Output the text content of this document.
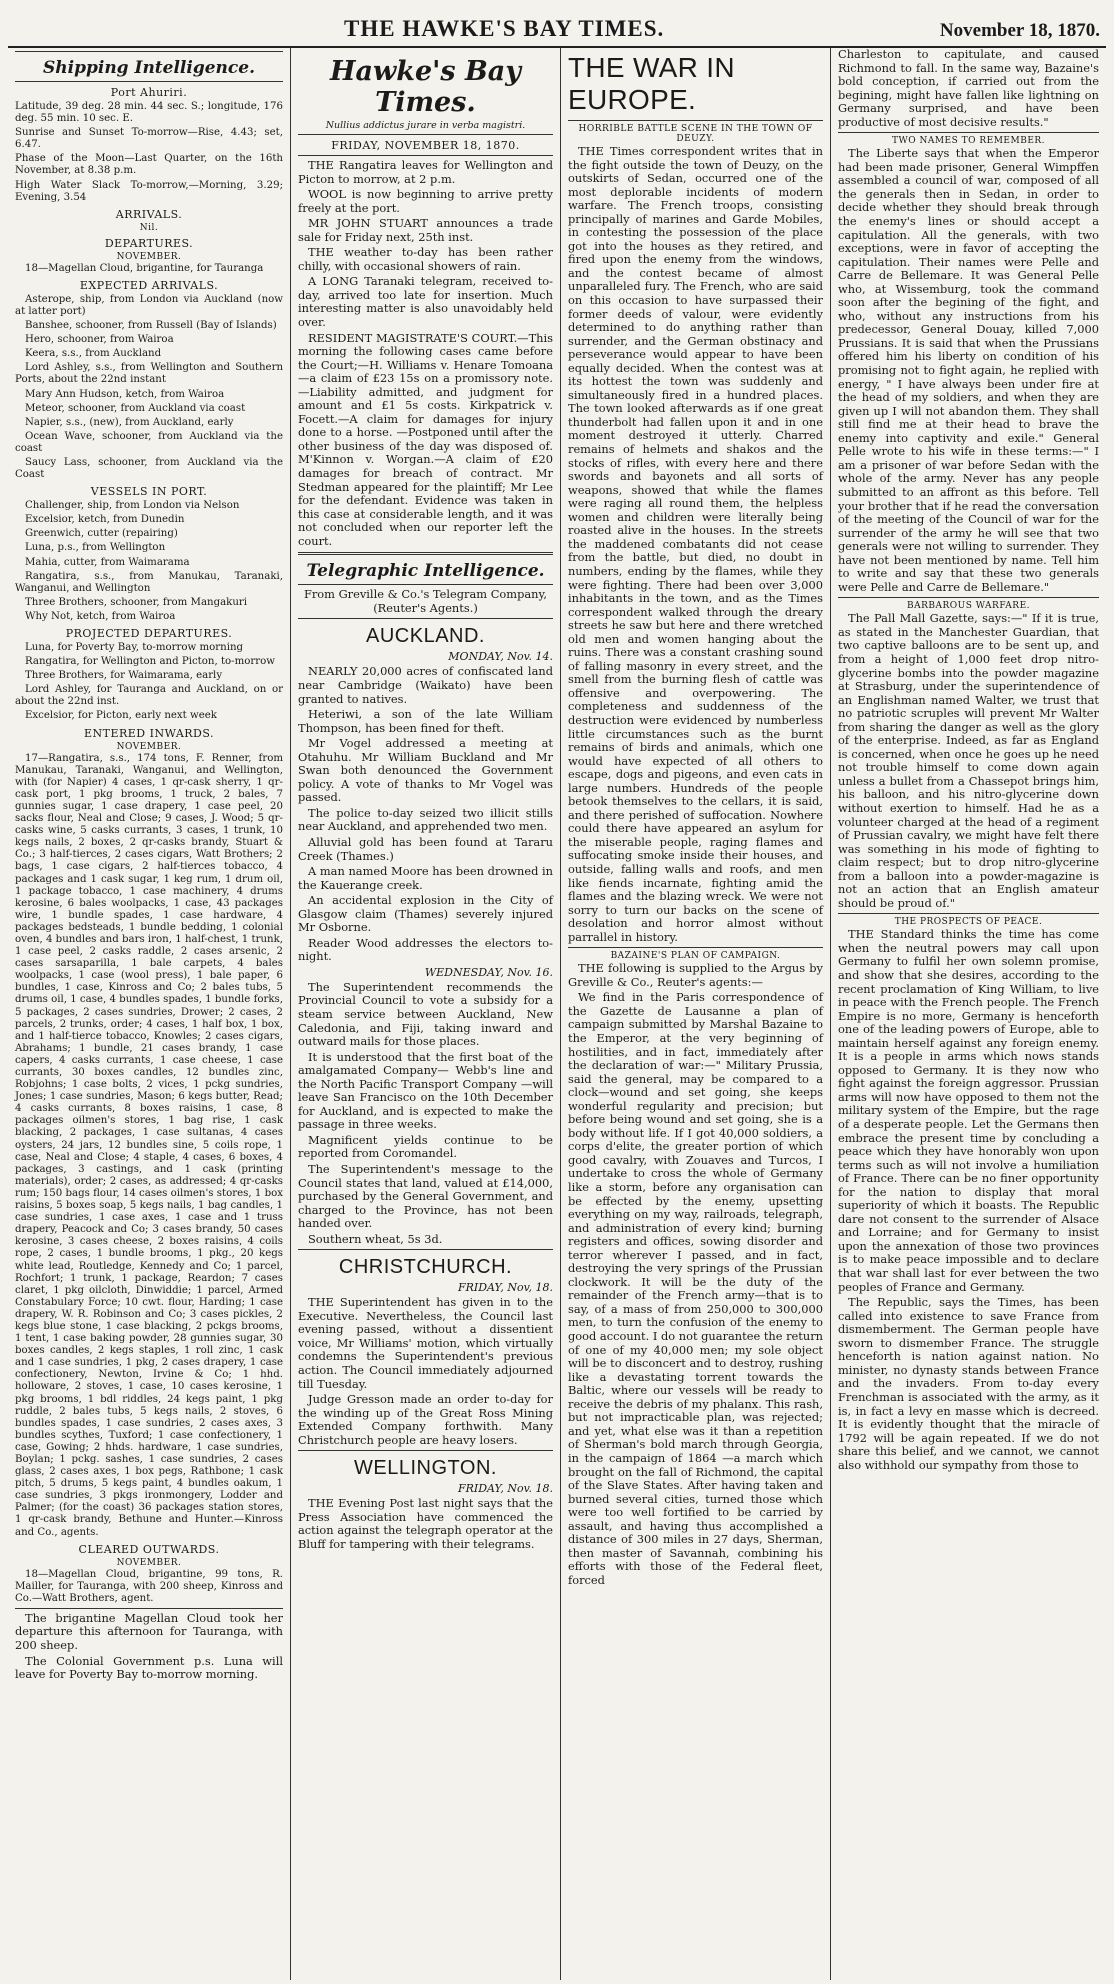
THE HAWKE'S BAY TIMES.	November 18, 1870.
Shipping Intelligence.
Port Ahuriri.

Latitude, 39 deg. 28 min. 44 sec. S.; longitude, 176 deg. 55 min. 10 sec. E.

Sunrise and Sunset To-morrow—Rise, 4.43; set, 6.47.

Phase of the Moon—Last Quarter, on the 16th November, at 8.38 p.m.

High Water Slack To-morrow,—Morning, 3.29; Evening, 3.54

ARRIVALS.
Nil.
DEPARTURES.
NOVEMBER.

18—Magellan Cloud, brigantine, for Tauranga

EXPECTED ARRIVALS.

Asterope, ship, from London via Auckland (now at latter port)

Banshee, schooner, from Russell (Bay of Islands)

Hero, schooner, from Wairoa

Keera, s.s., from Auckland

Lord Ashley, s.s., from Wellington and Southern Ports, about the 22nd instant

Mary Ann Hudson, ketch, from Wairoa

Meteor, schooner, from Auckland via coast

Napier, s.s., (new), from Auckland, early

Ocean Wave, schooner, from Auckland via the coast

Saucy Lass, schooner, from Auckland via the Coast

VESSELS IN PORT.

Challenger, ship, from London via Nelson

Excelsior, ketch, from Dunedin

Greenwich, cutter (repairing)

Luna, p.s., from Wellington

Mahia, cutter, from Waimarama

Rangatira, s.s., from Manukau, Taranaki, Wanganui, and Wellington

Three Brothers, schooner, from Mangakuri

Why Not, ketch, from Wairoa

PROJECTED DEPARTURES.

Luna, for Poverty Bay, to-morrow morning

Rangatira, for Wellington and Picton, to-morrow

Three Brothers, for Waimarama, early

Lord Ashley, for Tauranga and Auckland, on or about the 22nd inst.

Excelsior, for Picton, early next week

ENTERED INWARDS.
NOVEMBER.

17—Rangatira, s.s., 174 tons, F. Renner, from Manukau, Taranaki, Wanganui, and Wellington, with (for Napier) 4 cases, 1 qr-cask sherry, 1 qr-cask port, 1 pkg brooms, 1 truck, 2 bales, 7 gunnies sugar, 1 case drapery, 1 case peel, 20 sacks flour, Neal and Close; 9 cases, J. Wood; 5 qr-casks wine, 5 casks currants, 3 cases, 1 trunk, 10 kegs nails, 2 boxes, 2 qr-casks brandy, Stuart & Co.; 3 half-tierces, 2 cases cigars, Watt Brothers; 2 bags, 1 case cigars, 2 half-tierces tobacco, 4 packages and 1 cask sugar, 1 keg rum, 1 drum oil, 1 package tobacco, 1 case machinery, 4 drums kerosine, 6 bales woolpacks, 1 case, 43 packages wire, 1 bundle spades, 1 case hardware, 4 packages bedsteads, 1 bundle bedding, 1 colonial oven, 4 bundles and bars iron, 1 half-chest, 1 trunk, 1 case peel, 2 casks raddle, 2 cases arsenic, 2 cases sarsaparilla, 1 bale carpets, 4 bales woolpacks, 1 case (wool press), 1 bale paper, 6 bundles, 1 case, Kinross and Co; 2 bales tubs, 5 drums oil, 1 case, 4 bundles spades, 1 bundle forks, 5 packages, 2 cases sundries, Drower; 2 cases, 2 parcels, 2 trunks, order; 4 cases, 1 half box, 1 box, and 1 half-tierce tobacco, Knowles; 2 cases cigars, Abrahams; 1 bundle, 21 cases brandy, 1 case capers, 4 casks currants, 1 case cheese, 1 case currants, 30 boxes candles, 12 bundles zinc, Robjohns; 1 case bolts, 2 vices, 1 pckg sundries, Jones; 1 case sundries, Mason; 6 kegs butter, Read; 4 casks currants, 8 boxes raisins, 1 case, 8 packages oilmen's stores, 1 bag rise, 1 cask blacking, 2 packages, 1 case sultanas, 4 cases oysters, 24 jars, 12 bundles sine, 5 coils rope, 1 case, Neal and Close; 4 staple, 4 cases, 6 boxes, 4 packages, 3 castings, and 1 cask (printing materials), order; 2 cases, as addressed; 4 qr-casks rum; 150 bags flour, 14 cases oilmen's stores, 1 box raisins, 5 boxes soap, 5 kegs nails, 1 bag candles, 1 case sundries, 1 case axes, 1 case and 1 truss drapery, Peacock and Co; 3 cases brandy, 50 cases kerosine, 3 cases cheese, 2 boxes raisins, 4 coils rope, 2 cases, 1 bundle brooms, 1 pkg., 20 kegs white lead, Routledge, Kennedy and Co; 1 parcel, Rochfort; 1 trunk, 1 package, Reardon; 7 cases claret, 1 pkg oilcloth, Dinwiddie; 1 parcel, Armed Constabulary Force; 10 cwt. flour, Harding; 1 case drapery, W. R. Robinson and Co; 3 cases pickles, 2 kegs blue stone, 1 case blacking, 2 pckgs brooms, 1 tent, 1 case baking powder, 28 gunnies sugar, 30 boxes candles, 2 kegs staples, 1 roll zinc, 1 cask and 1 case sundries, 1 pkg, 2 cases drapery, 1 case confectionery, Newton, Irvine & Co; 1 hhd. holloware, 2 stoves, 1 case, 10 cases kerosine, 1 pkg brooms, 1 bdl riddles, 24 kegs paint, 1 pkg ruddle, 2 bales tubs, 5 kegs nails, 2 stoves, 6 bundles spades, 1 case sundries, 2 cases axes, 3 bundles scythes, Tuxford; 1 case confectionery, 1 case, Gowing; 2 hhds. hardware, 1 case sundries, Boylan; 1 pckg. sashes, 1 case sundries, 2 cases glass, 2 cases axes, 1 box pegs, Rathbone; 1 cask pitch, 5 drums, 5 kegs paint, 4 bundles oakum, 1 case sundries, 3 pkgs ironmongery, Lodder and Palmer; (for the coast) 36 packages station stores, 1 qr-cask brandy, Bethune and Hunter.—Kinross and Co., agents.

CLEARED OUTWARDS.
NOVEMBER.

18—Magellan Cloud, brigantine, 99 tons, R. Mailler, for Tauranga, with 200 sheep, Kinross and Co.—Watt Brothers, agent.

The brigantine Magellan Cloud took her departure this afternoon for Tauranga, with 200 sheep.

The Colonial Government p.s. Luna will leave for Poverty Bay to-morrow morning.

Hawke's Bay Times.
Nullius addictus jurare in verba magistri.
FRIDAY, NOVEMBER 18, 1870.

THE Rangatira leaves for Wellington and Picton to morrow, at 2 p.m.

WOOL is now beginning to arrive pretty freely at the port.

MR JOHN STUART announces a trade sale for Friday next, 25th inst.

THE weather to-day has been rather chilly, with occasional showers of rain.

A LONG Taranaki telegram, received to-day, arrived too late for insertion. Much interesting matter is also unavoidably held over.

RESIDENT MAGISTRATE'S COURT.—This morning the following cases came before the Court;—H. Williams v. Henare Tomoana—a claim of £23 15s on a promissory note.—Liability admitted, and judgment for amount and £1 5s costs. Kirkpatrick v. Focett.—A claim for damages for injury done to a horse. —Postponed until after the other business of the day was disposed of. M'Kinnon v. Worgan.—A claim of £20 damages for breach of contract. Mr Stedman appeared for the plaintiff; Mr Lee for the defendant. Evidence was taken in this case at considerable length, and it was not concluded when our reporter left the court.

Telegraphic Intelligence.

From Greville & Co.'s Telegram Company, (Reuter's Agents.)

AUCKLAND.
MONDAY, Nov. 14.

NEARLY 20,000 acres of confiscated land near Cambridge (Waikato) have been granted to natives.

Heteriwi, a son of the late William Thompson, has been fined for theft.

Mr Vogel addressed a meeting at Otahuhu. Mr William Buckland and Mr Swan both denounced the Government policy. A vote of thanks to Mr Vogel was passed.

The police to-day seized two illicit stills near Auckland, and apprehended two men.

Alluvial gold has been found at Tararu Creek (Thames.)

A man named Moore has been drowned in the Kauerange creek.

An accidental explosion in the City of Glasgow claim (Thames) severely injured Mr Osborne.

Reader Wood addresses the electors to-night.

WEDNESDAY, Nov. 16.

The Superintendent recommends the Provincial Council to vote a subsidy for a steam service between Auckland, New Caledonia, and Fiji, taking inward and outward mails for those places.

It is understood that the first boat of the amalgamated Company— Webb's line and the North Pacific Transport Company —will leave San Francisco on the 10th December for Auckland, and is expected to make the passage in three weeks.

Magnificent yields continue to be reported from Coromandel.

The Superintendent's message to the Council states that land, valued at £14,000, purchased by the General Government, and charged to the Province, has not been handed over.

Southern wheat, 5s 3d.

CHRISTCHURCH.
FRIDAY, Nov, 18.

THE Superintendent has given in to the Executive. Nevertheless, the Council last evening passed, without a dissentient voice, Mr Williams' motion, which virtually condemns the Superintendent's previous action. The Council immediately adjourned till Tuesday.

Judge Gresson made an order to-day for the winding up of the Great Ross Mining Extended Company forthwith. Many Christchurch people are heavy losers.

WELLINGTON.
FRIDAY, Nov. 18.

THE Evening Post last night says that the Press Association have commenced the action against the telegraph operator at the Bluff for tampering with their telegrams.

THE WAR IN EUROPE.
HORRIBLE BATTLE SCENE IN THE TOWN OF DEUZY.

THE Times correspondent writes that in the fight outside the town of Deuzy, on the outskirts of Sedan, occurred one of the most deplorable incidents of modern warfare. The French troops, consisting principally of marines and Garde Mobiles, in contesting the possession of the place got into the houses as they retired, and fired upon the enemy from the windows, and the contest became of almost unparalleled fury. The French, who are said on this occasion to have surpassed their former deeds of valour, were evidently determined to do anything rather than surrender, and the German obstinacy and perseverance would appear to have been equally decided. When the contest was at its hottest the town was suddenly and simultaneously fired in a hundred places. The town looked afterwards as if one great thunderbolt had fallen upon it and in one moment destroyed it utterly. Charred remains of helmets and shakos and the stocks of rifles, with every here and there swords and bayonets and all sorts of weapons, showed that while the flames were raging all round them, the helpless women and children were literally being roasted alive in the houses. In the streets the maddened combatants did not cease from the battle, but died, no doubt in numbers, ending by the flames, while they were fighting. There had been over 3,000 inhabitants in the town, and as the Times correspondent walked through the dreary streets he saw but here and there wretched old men and women hanging about the ruins. There was a constant crashing sound of falling masonry in every street, and the smell from the burning flesh of cattle was offensive and overpowering. The completeness and suddenness of the destruction were evidenced by numberless little circumstances such as the burnt remains of birds and animals, which one would have expected of all others to escape, dogs and pigeons, and even cats in large numbers. Hundreds of the people betook themselves to the cellars, it is said, and there perished of suffocation. Nowhere could there have appeared an asylum for the miserable people, raging flames and suffocating smoke inside their houses, and outside, falling walls and roofs, and men like fiends incarnate, fighting amid the flames and the blazing wreck. We were not sorry to turn our backs on the scene of desolation and horror almost without parrallel in history.

BAZAINE'S PLAN OF CAMPAIGN.

THE following is supplied to the Argus by Greville & Co., Reuter's agents:—

We find in the Paris correspondence of the Gazette de Lausanne a plan of campaign submitted by Marshal Bazaine to the Emperor, at the very beginning of hostilities, and in fact, immediately after the declaration of war:—" Military Prussia, said the general, may be compared to a clock—wound and set going, she keeps wonderful regularity and precision; but before being wound and set going, she is a body without life. If I got 40,000 soldiers, a corps d'elite, the greater portion of which good cavalry, with Zouaves and Turcos, I undertake to cross the whole of Germany like a storm, before any organisation can be effected by the enemy, upsetting everything on my way, railroads, telegraph, and administration of every kind; burning registers and offices, sowing disorder and terror wherever I passed, and in fact, destroying the very springs of the Prussian clockwork. It will be the duty of the remainder of the French army—that is to say, of a mass of from 250,000 to 300,000 men, to turn the confusion of the enemy to good account. I do not guarantee the return of one of my 40,000 men; my sole object will be to disconcert and to destroy, rushing like a devastating torrent towards the Baltic, where our vessels will be ready to receive the debris of my phalanx. This rash, but not impracticable plan, was rejected; and yet, what else was it than a repetition of Sherman's bold march through Georgia, in the campaign of 1864 —a march which brought on the fall of Richmond, the capital of the Slave States. After having taken and burned several cities, turned those which were too well fortified to be carried by assault, and having thus accomplished a distance of 300 miles in 27 days, Sherman, then master of Savannah, combining his efforts with those of the Federal fleet, forced

Charleston to capitulate, and caused Richmond to fall. In the same way, Bazaine's bold conception, if carried out from the begining, might have fallen like lightning on Germany surprised, and have been productive of most decisive results."

TWO NAMES TO REMEMBER.

The Liberte says that when the Emperor had been made prisoner, General Wimpffen assembled a council of war, composed of all the generals then in Sedan, in order to decide whether they should break through the enemy's lines or should accept a capitulation. All the generals, with two exceptions, were in favor of accepting the capitulation. Their names were Pelle and Carre de Bellemare. It was General Pelle who, at Wissemburg, took the command soon after the begining of the fight, and who, without any instructions from his predecessor, General Douay, killed 7,000 Prussians. It is said that when the Prussians offered him his liberty on condition of his promising not to fight again, he replied with energy, " I have always been under fire at the head of my soldiers, and when they are given up I will not abandon them. They shall still find me at their head to brave the enemy into captivity and exile." General Pelle wrote to his wife in these terms:—" I am a prisoner of war before Sedan with the whole of the army. Never has any people submitted to an affront as this before. Tell your brother that if he read the conversation of the meeting of the Council of war for the surrender of the army he will see that two generals were not willing to surrender. They have not been mentioned by name. Tell him to write and say that these two generals were Pelle and Carre de Bellemare."

BARBAROUS WARFARE.

The Pall Mall Gazette, says:—" If it is true, as stated in the Manchester Guardian, that two captive balloons are to be sent up, and from a height of 1,000 feet drop nitro-glycerine bombs into the powder magazine at Strasburg, under the superintendence of an Englishman named Walter, we trust that no patriotic scruples will prevent Mr Walter from sharing the danger as well as the glory of the enterprise. Indeed, as far as England is concerned, when once he goes up he need not trouble himself to come down again unless a bullet from a Chassepot brings him, his balloon, and his nitro-glycerine down without exertion to himself. Had he as a volunteer charged at the head of a regiment of Prussian cavalry, we might have felt there was something in his mode of fighting to claim respect; but to drop nitro-glycerine from a balloon into a powder-magazine is not an action that an English amateur should be proud of."

THE PROSPECTS OF PEACE.

THE Standard thinks the time has come when the neutral powers may call upon Germany to fulfil her own solemn promise, and show that she desires, according to the recent proclamation of King William, to live in peace with the French people. The French Empire is no more, Germany is henceforth one of the leading powers of Europe, able to maintain herself against any foreign enemy. It is a people in arms which nows stands opposed to Germany. It is they now who fight against the foreign aggressor. Prussian arms will now have opposed to them not the military system of the Empire, but the rage of a desperate people. Let the Germans then embrace the present time by concluding a peace which they have honorably won upon terms such as will not involve a humiliation of France. There can be no finer opportunity for the nation to display that moral superiority of which it boasts. The Republic dare not consent to the surrender of Alsace and Lorraine; and for Germany to insist upon the annexation of those two provinces is to make peace impossible and to declare that war shall last for ever between the two peoples of France and Germany.

The Republic, says the Times, has been called into existence to save France from dismemberment. The German people have sworn to dismember France. The struggle henceforth is nation against nation. No minister, no dynasty stands between France and the invaders. From to-day every Frenchman is associated with the army, as it is, in fact a levy en masse which is decreed. It is evidently thought that the miracle of 1792 will be again repeated. If we do not share this belief, and we cannot, we cannot also withhold our sympathy from those to
